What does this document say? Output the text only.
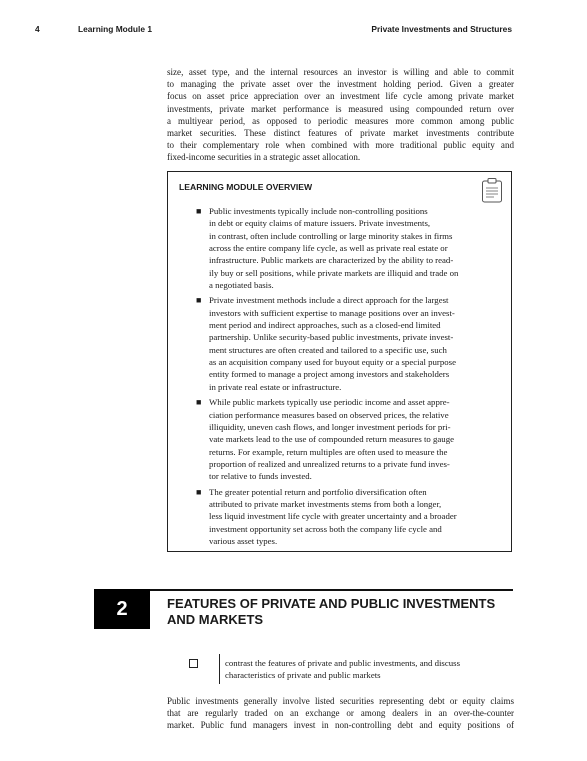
4	Learning Module 1	Private Investments and Structures
size, asset type, and the internal resources an investor is willing and able to commit
to managing the private asset over the investment holding period. Given a greater
focus on asset price appreciation over an investment life cycle among private market
investments, private market performance is measured using compounded return over
a multiyear period, as opposed to periodic measures more common among public
market securities. These distinct features of private market investments contribute
to their complementary role when combined with more traditional public equity and
fixed-income securities in a strategic asset allocation.
LEARNING MODULE OVERVIEW
■ Public investments typically include non-controlling positions
in debt or equity claims of mature issuers. Private investments,
in contrast, often include controlling or large minority stakes in firms
across the entire company life cycle, as well as private real estate or
infrastructure. Public markets are characterized by the ability to read-
ily buy or sell positions, while private markets are illiquid and trade on
a negotiated basis.
■ Private investment methods include a direct approach for the largest
investors with sufficient expertise to manage positions over an invest-
ment period and indirect approaches, such as a closed-end limited
partnership. Unlike security-based public investments, private invest-
ment structures are often created and tailored to a specific use, such
as an acquisition company used for buyout equity or a special purpose
entity formed to manage a project among investors and stakeholders
in private real estate or infrastructure.
■ While public markets typically use periodic income and asset appre-
ciation performance measures based on observed prices, the relative
illiquidity, uneven cash flows, and longer investment periods for pri-
vate markets lead to the use of compounded return measures to gauge
returns. For example, return multiples are often used to measure the
proportion of realized and unrealized returns to a private fund inves-
tor relative to funds invested.
■ The greater potential return and portfolio diversification often
attributed to private market investments stems from both a longer,
less liquid investment life cycle with greater uncertainty and a broader
investment opportunity set across both the company life cycle and
various asset types.
2	FEATURES OF PRIVATE AND PUBLIC INVESTMENTS
AND MARKETS
contrast the features of private and public investments, and discuss
characteristics of private and public markets
Public investments generally involve listed securities representing debt or equity claims
that are regularly traded on an exchange or among dealers in an over-the-counter
market. Public fund managers invest in non-controlling debt and equity positions of
